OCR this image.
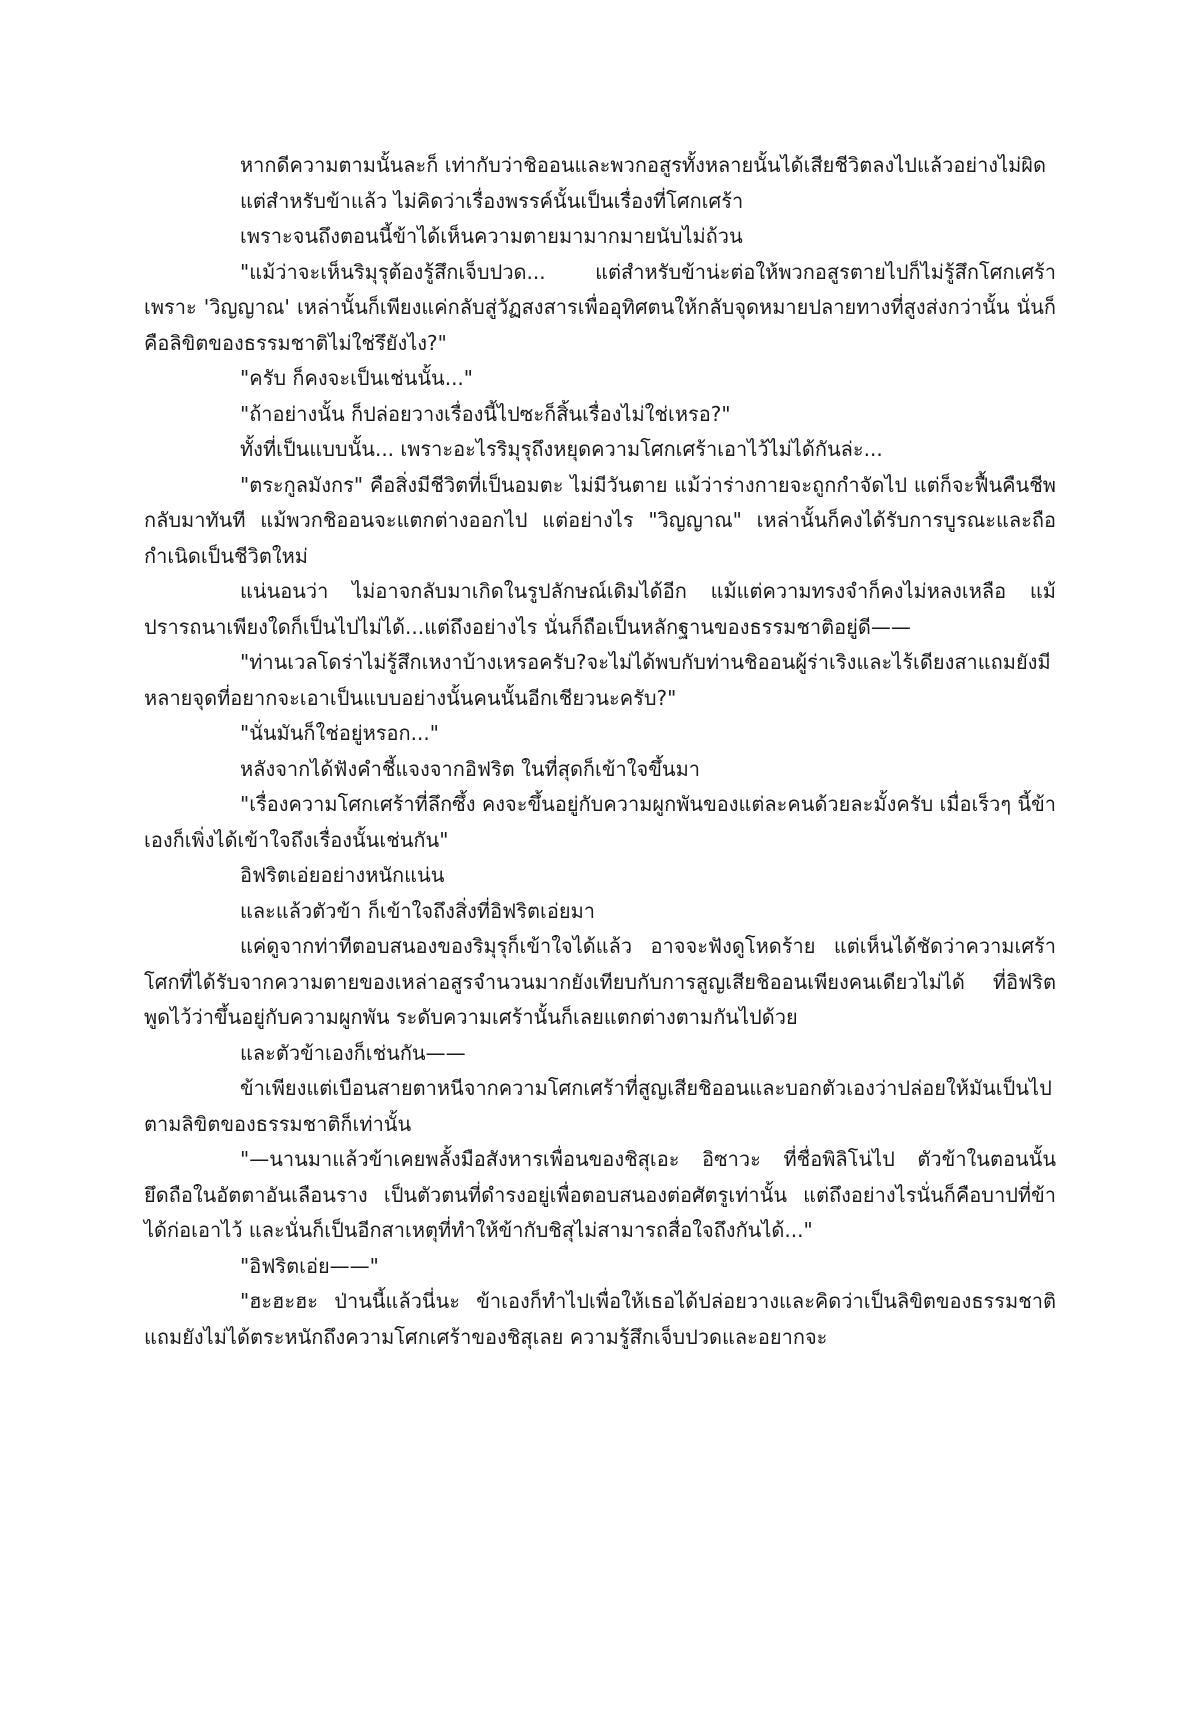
หากดีความตามนั้นละก็ เท่ากับว่าชิออนและพวกอสูรทั้งหลายนั้นได้เสียชีวิตลงไปแล้วอย่างไม่ผิด

แต่สำหรับข้าแล้ว ไม่คิดว่าเรื่องพรรค์นั้นเป็นเรื่องที่โศกเศร้า

เพราะจนถึงตอนนี้ข้าได้เห็นความตายมามากมายนับไม่ถ้วน

"แม้ว่าจะเห็นริมุรุต้องรู้สึกเจ็บปวด... แต่สำหรับข้าน่ะต่อให้พวกอสูรตายไปก็ไม่รู้สึกโศกเศร้า เพราะ 'วิญญาณ' เหล่านั้นก็เพียงแค่กลับสู่วัฏสงสารเพื่ออุทิศตนให้กลับจุดหมายปลายทางที่สูงส่งกว่านั้น นั่นก็คือลิขิตของธรรมชาติไม่ใช่รึยังไง?"

"ครับ ก็คงจะเป็นเช่นนั้น..."

"ถ้าอย่างนั้น ก็ปล่อยวางเรื่องนี้ไปซะก็สิ้นเรื่องไม่ใช่เหรอ?"

ทั้งที่เป็นแบบนั้น... เพราะอะไรริมุรุถึงหยุดความโศกเศร้าเอาไว้ไม่ได้กันล่ะ...

"ตระกูลมังกร" คือสิ่งมีชีวิตที่เป็นอมตะ ไม่มีวันตาย แม้ว่าร่างกายจะถูกกำจัดไป แต่ก็จะฟื้นคืนชีพกลับมาทันที แม้พวกชิออนจะแตกต่างออกไป แต่อย่างไร "วิญญาณ" เหล่านั้นก็คงได้รับการบูรณะและถือกำเนิดเป็นชีวิตใหม่

แน่นอนว่า ไม่อาจกลับมาเกิดในรูปลักษณ์เดิมได้อีก แม้แต่ความทรงจำก็คงไม่หลงเหลือ แม้ปรารถนาเพียงใดก็เป็นไปไม่ได้...แต่ถึงอย่างไร นั่นก็ถือเป็นหลักฐานของธรรมชาติอยู่ดี——

"ท่านเวลโดร่าไม่รู้สึกเหงาบ้างเหรอครับ?จะไม่ได้พบกับท่านชิออนผู้ร่าเริงและไร้เดียงสาแถมยังมีหลายจุดที่อยากจะเอาเป็นแบบอย่างนั้นคนนั้นอีกเชียวนะครับ?"

"นั่นมันก็ใช่อยู่หรอก..."

หลังจากได้ฟังคำชี้แจงจากอิฟริต ในที่สุดก็เข้าใจขึ้นมา

"เรื่องความโศกเศร้าที่ลึกซึ้ง คงจะขึ้นอยู่กับความผูกพันของแต่ละคนด้วยละมั้งครับ เมื่อเร็วๆ นี้ข้าเองก็เพิ่งได้เข้าใจถึงเรื่องนั้นเช่นกัน"

อิฟริตเอ่ยอย่างหนักแน่น

และแล้วตัวข้า ก็เข้าใจถึงสิ่งที่อิฟริตเอ่ยมา

แค่ดูจากท่าทีตอบสนองของริมุรุก็เข้าใจได้แล้ว อาจจะฟังดูโหดร้าย แต่เห็นได้ชัดว่าความเศร้าโศกที่ได้รับจากความตายของเหล่าอสูรจำนวนมากยังเทียบกับการสูญเสียชิออนเพียงคนเดียวไม่ได้ ที่อิฟริตพูดไว้ว่าขึ้นอยู่กับความผูกพัน ระดับความเศร้านั้นก็เลยแตกต่างตามกันไปด้วย

และตัวข้าเองก็เช่นกัน——

ข้าเพียงแต่เบือนสายตาหนีจากความโศกเศร้าที่สูญเสียชิออนและบอกตัวเองว่าปล่อยให้มันเป็นไปตามลิขิตของธรรมชาติก็เท่านั้น

"—นานมาแล้วข้าเคยพลั้งมือสังหารเพื่อนของชิสุเอะ อิซาวะ ที่ชื่อพิลิโน่ไป ตัวข้าในตอนนั้นยึดถือในอัตตาอันเลือนราง เป็นตัวตนที่ดำรงอยู่เพื่อตอบสนองต่อศัตรูเท่านั้น แต่ถึงอย่างไรนั่นก็คือบาปที่ข้าได้ก่อเอาไว้ และนั่นก็เป็นอีกสาเหตุที่ทำให้ข้ากับชิสุไม่สามารถสื่อใจถึงกันได้..."

"อิฟริตเอ่ย——"

"ฮะฮะฮะ ป่านนี้แล้วนี่นะ ข้าเองก็ทำไปเพื่อให้เธอได้ปล่อยวางและคิดว่าเป็นลิขิตของธรรมชาติแถมยังไม่ได้ตระหนักถึงความโศกเศร้าของชิสุเลย ความรู้สึกเจ็บปวดและอยากจะ
